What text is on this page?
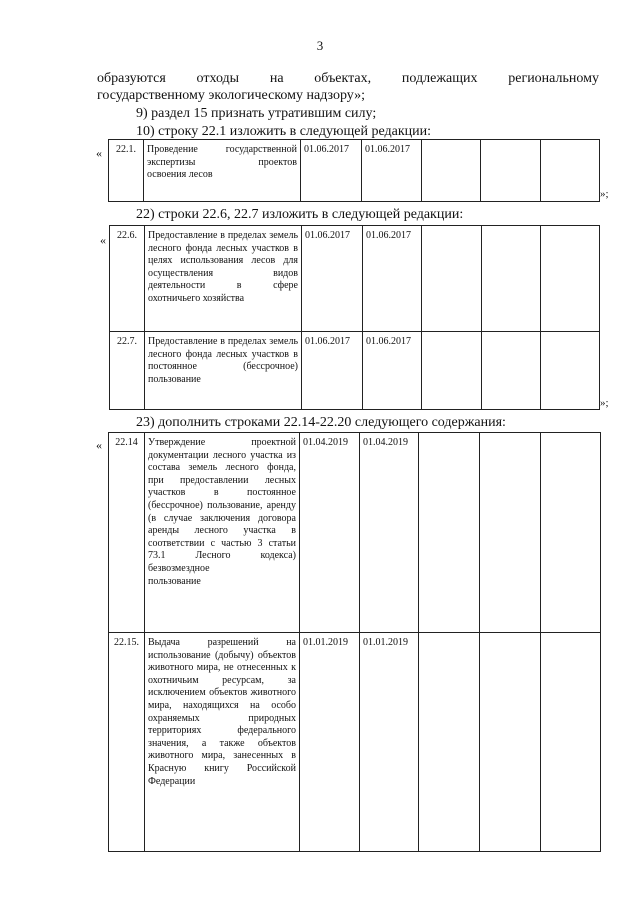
3
образуются отходы на объектах, подлежащих региональному
государственному экологическому надзору»;
9) раздел 15 признать утратившим силу;
10) строку 22.1 изложить в следующей редакции:
« 22.1.	Проведение государственной экспертизы проектов
освоения лесов
	01.06.2017	01.06.2017			
»;
22) строки 22.6, 22.7 изложить в следующей редакции:
« 22.6.	Предоставление в пределах земель лесного фонда лесных участков в целях использования лесов для осуществления видов деятельности в сфере
охотничьего хозяйства	01.06.2017	01.06.2017			
22.7.	Предоставление в пределах земель лесного фонда лесных участков в постоянное (бессрочное)
пользование	01.06.2017	01.06.2017			
»;
23) дополнить строками 22.14-22.20 следующего содержания:
« 22.14	Утверждение проектной документации лесного участка из состава земель лесного фонда, при предоставлении лесных участков в постоянное (бессрочное) пользование, аренду (в случае заключения договора аренды лесного участка в соответствии с частью 3 статьи 73.1 Лесного кодекса) безвозмездное
пользование	01.04.2019	01.04.2019			
22.15.	Выдача разрешений на использование (добычу) объектов животного мира, не отнесенных к охотничьим ресурсам, за исключением объектов животного мира, находящихся на особо охраняемых природных территориях федерального значения, а также объектов животного мира, занесенных в Красную книгу Российской
Федерации	01.01.2019	01.01.2019			
